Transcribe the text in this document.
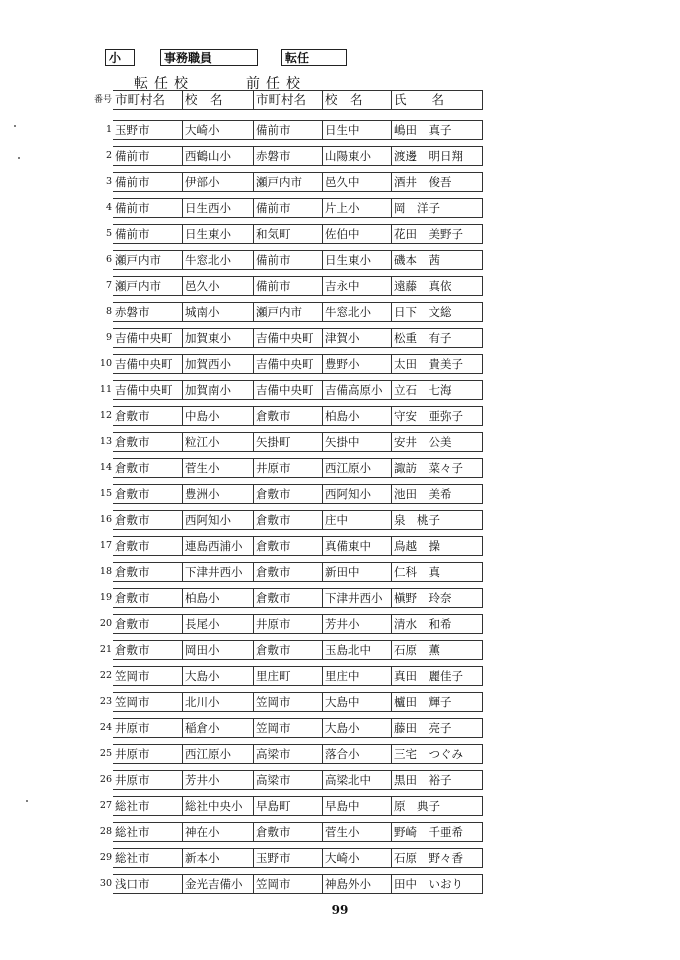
小	事務職員	転任
転任校	前任校
番号	市町村名	校　名	市町村名	校　名	氏　　名

1	玉野市	大崎小	備前市	日生中	嶋田　真子

2	備前市	西鶴山小	赤磐市	山陽東小	渡邊　明日翔

3	備前市	伊部小	瀬戸内市	邑久中	酒井　俊吾

4	備前市	日生西小	備前市	片上小	岡　洋子

5	備前市	日生東小	和気町	佐伯中	花田　美野子

6	瀬戸内市	牛窓北小	備前市	日生東小	磯本　茜

7	瀬戸内市	邑久小	備前市	吉永中	遠藤　真依

8	赤磐市	城南小	瀬戸内市	牛窓北小	日下　文総

9	吉備中央町	加賀東小	吉備中央町	津賀小	松重　有子

10	吉備中央町	加賀西小	吉備中央町	豊野小	太田　貴美子

11	吉備中央町	加賀南小	吉備中央町	吉備高原小	立石　七海

12	倉敷市	中島小	倉敷市	柏島小	守安　亜弥子

13	倉敷市	粒江小	矢掛町	矢掛中	安井　公美

14	倉敷市	菅生小	井原市	西江原小	諏訪　菜々子

15	倉敷市	豊洲小	倉敷市	西阿知小	池田　美希

16	倉敷市	西阿知小	倉敷市	庄中	泉　桃子

17	倉敷市	連島西浦小	倉敷市	真備東中	鳥越　操

18	倉敷市	下津井西小	倉敷市	新田中	仁科　真

19	倉敷市	柏島小	倉敷市	下津井西小	槇野　玲奈

20	倉敷市	長尾小	井原市	芳井小	清水　和希

21	倉敷市	岡田小	倉敷市	玉島北中	石原　薫

22	笠岡市	大島小	里庄町	里庄中	真田　麗佳子

23	笠岡市	北川小	笠岡市	大島中	櫨田　輝子

24	井原市	稲倉小	笠岡市	大島小	藤田　亮子

25	井原市	西江原小	高梁市	落合小	三宅　つぐみ

26	井原市	芳井小	高梁市	高梁北中	黒田　裕子

27	総社市	総社中央小	早島町	早島中	原　典子

28	総社市	神在小	倉敷市	菅生小	野崎　千亜希

29	総社市	新本小	玉野市	大崎小	石原　野々香

30	浅口市	金光吉備小	笠岡市	神島外小	田中　いおり
99
